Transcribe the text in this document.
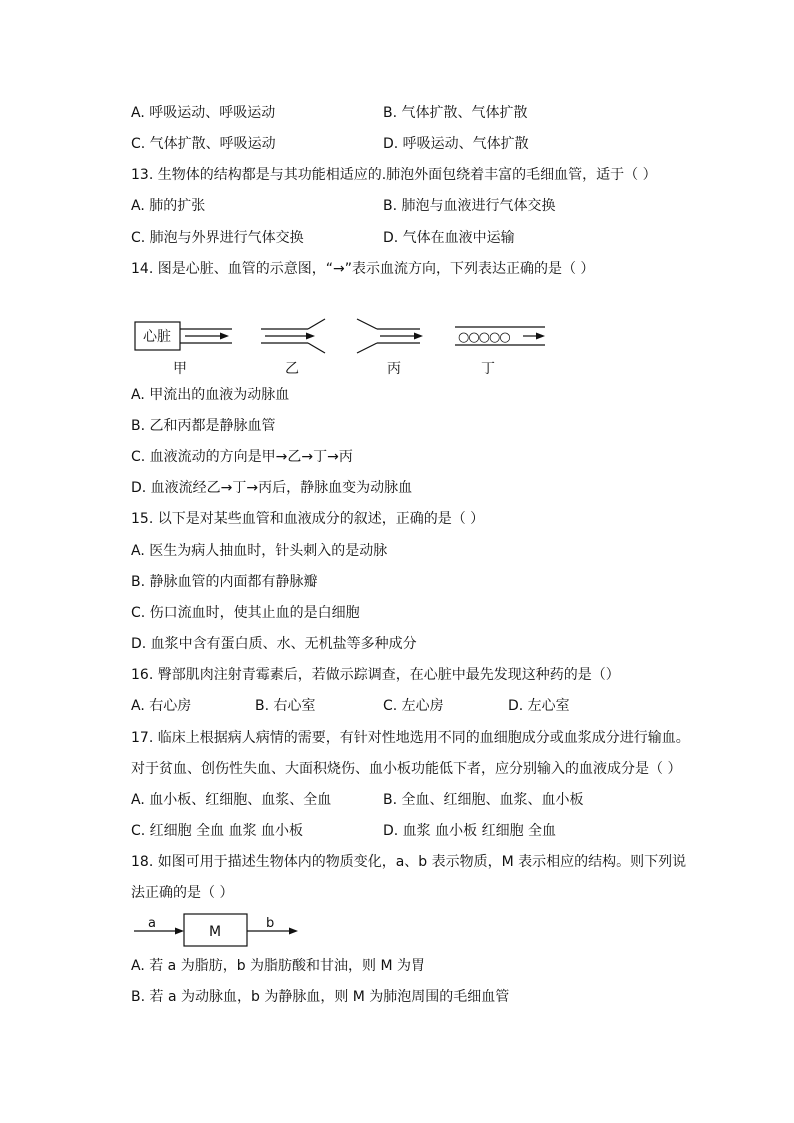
A. 呼吸运动、呼吸运动	B. 气体扩散、气体扩散
C. 气体扩散、呼吸运动	D. 呼吸运动、气体扩散
13. 生物体的结构都是与其功能相适应的.肺泡外面包绕着丰富的毛细血管，适于（ ）
A. 肺的扩张	B. 肺泡与血液进行气体交换
C. 肺泡与外界进行气体交换	D. 气体在血液中运输
14. 图是心脏、血管的示意图，“→”表示血流方向，下列表达正确的是（ ）
心脏	○○○○○
甲	乙	丙	丁
A. 甲流出的血液为动脉血
B. 乙和丙都是静脉血管
C. 血液流动的方向是甲→乙→丁→丙
D. 血液流经乙→丁→丙后，静脉血变为动脉血
15. 以下是对某些血管和血液成分的叙述，正确的是（ ）
A. 医生为病人抽血时，针头刺入的是动脉
B. 静脉血管的内面都有静脉瓣
C. 伤口流血时，使其止血的是白细胞
D. 血浆中含有蛋白质、水、无机盐等多种成分
16. 臀部肌肉注射青霉素后，若做示踪调查，在心脏中最先发现这种药的是（）
A. 右心房	B. 右心室	C. 左心房	D. 左心室
17. 临床上根据病人病情的需要，有针对性地选用不同的血细胞成分或血浆成分进行输血。
对于贫血、创伤性失血、大面积烧伤、血小板功能低下者，应分别输入的血液成分是（ ）
A. 血小板、红细胞、血浆、全血	B. 全血、红细胞、血浆、血小板
C. 红细胞 全血 血浆 血小板	D. 血浆 血小板 红细胞 全血
18. 如图可用于描述生物体内的物质变化，a、b 表示物质，M 表示相应的结构。则下列说
法正确的是（ ）
a
M
b
A. 若 a 为脂肪，b 为脂肪酸和甘油，则 M 为胃
B. 若 a 为动脉血，b 为静脉血，则 M 为肺泡周围的毛细血管
